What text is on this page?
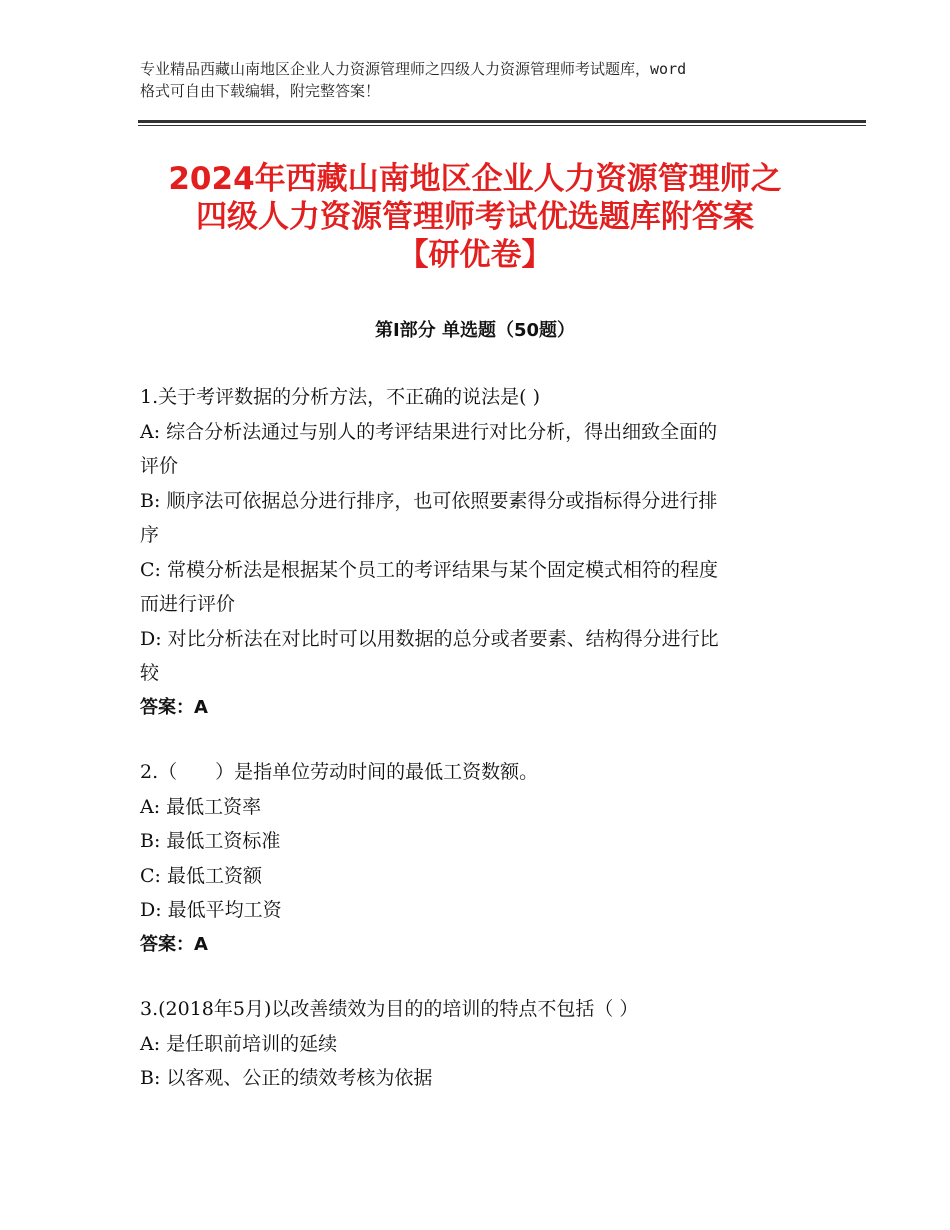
专业精品西藏山南地区企业人力资源管理师之四级人力资源管理师考试题库，word
格式可自由下载编辑，附完整答案！
2024年西藏山南地区企业人力资源管理师之
四级人力资源管理师考试优选题库附答案
【研优卷】
第Ⅰ部分 单选题（50题）
1.关于考评数据的分析方法，不正确的说法是( )
A: 综合分析法通过与别人的考评结果进行对比分析，得出细致全面的
评价
B: 顺序法可依据总分进行排序，也可依照要素得分或指标得分进行排
序
C: 常模分析法是根据某个员工的考评结果与某个固定模式相符的程度
而进行评价
D: 对比分析法在对比时可以用数据的总分或者要素、结构得分进行比
较
答案：A
2.（　　）是指单位劳动时间的最低工资数额。
A: 最低工资率
B: 最低工资标准
C: 最低工资额
D: 最低平均工资
答案：A
3.(2018年5月)以改善绩效为目的的培训的特点不包括（ ）
A: 是任职前培训的延续
B: 以客观、公正的绩效考核为依据
